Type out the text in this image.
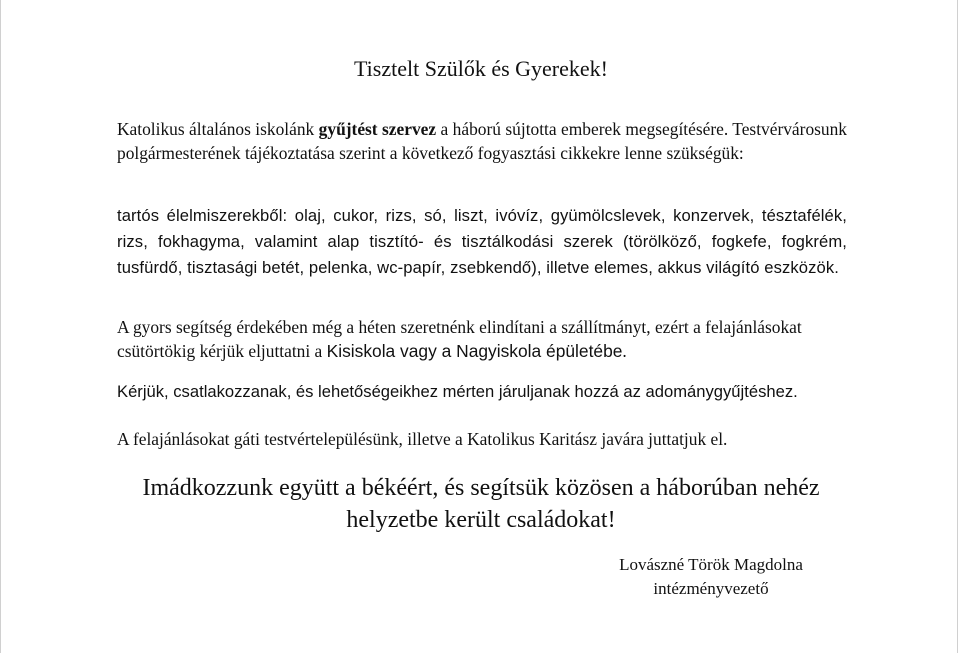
Tisztelt Szülők és Gyerekek!

Katolikus általános iskolánk gyűjtést szervez a háború sújtotta emberek megsegítésére. Testvérvárosunk polgármesterének tájékoztatása szerint a következő fogyasztási cikkekre lenne szükségük:

tartós élelmiszerekből: olaj, cukor, rizs, só, liszt, ivóvíz, gyümölcslevek, konzervek, tésztafélék, rizs, fokhagyma, valamint alap tisztító- és tisztálkodási szerek (törölköző, fogkefe, fogkrém, tusfürdő, tisztasági betét, pelenka, wc-papír, zsebkendő), illetve elemes, akkus világító eszközök.

A gyors segítség érdekében még a héten szeretnénk elindítani a szállítmányt, ezért a felajánlásokat csütörtökig kérjük eljuttatni a Kisiskola vagy a Nagyiskola épületébe.

Kérjük, csatlakozzanak, és lehetőségeikhez mérten járuljanak hozzá az adománygyűjtéshez.

A felajánlásokat gáti testvértelepülésünk, illetve a Katolikus Karitász javára juttatjuk el.

Imádkozzunk együtt a békéért, és segítsük közösen a háborúban nehéz
helyzetbe került családokat!
Lovászné Török Magdolna
intézményvezető
